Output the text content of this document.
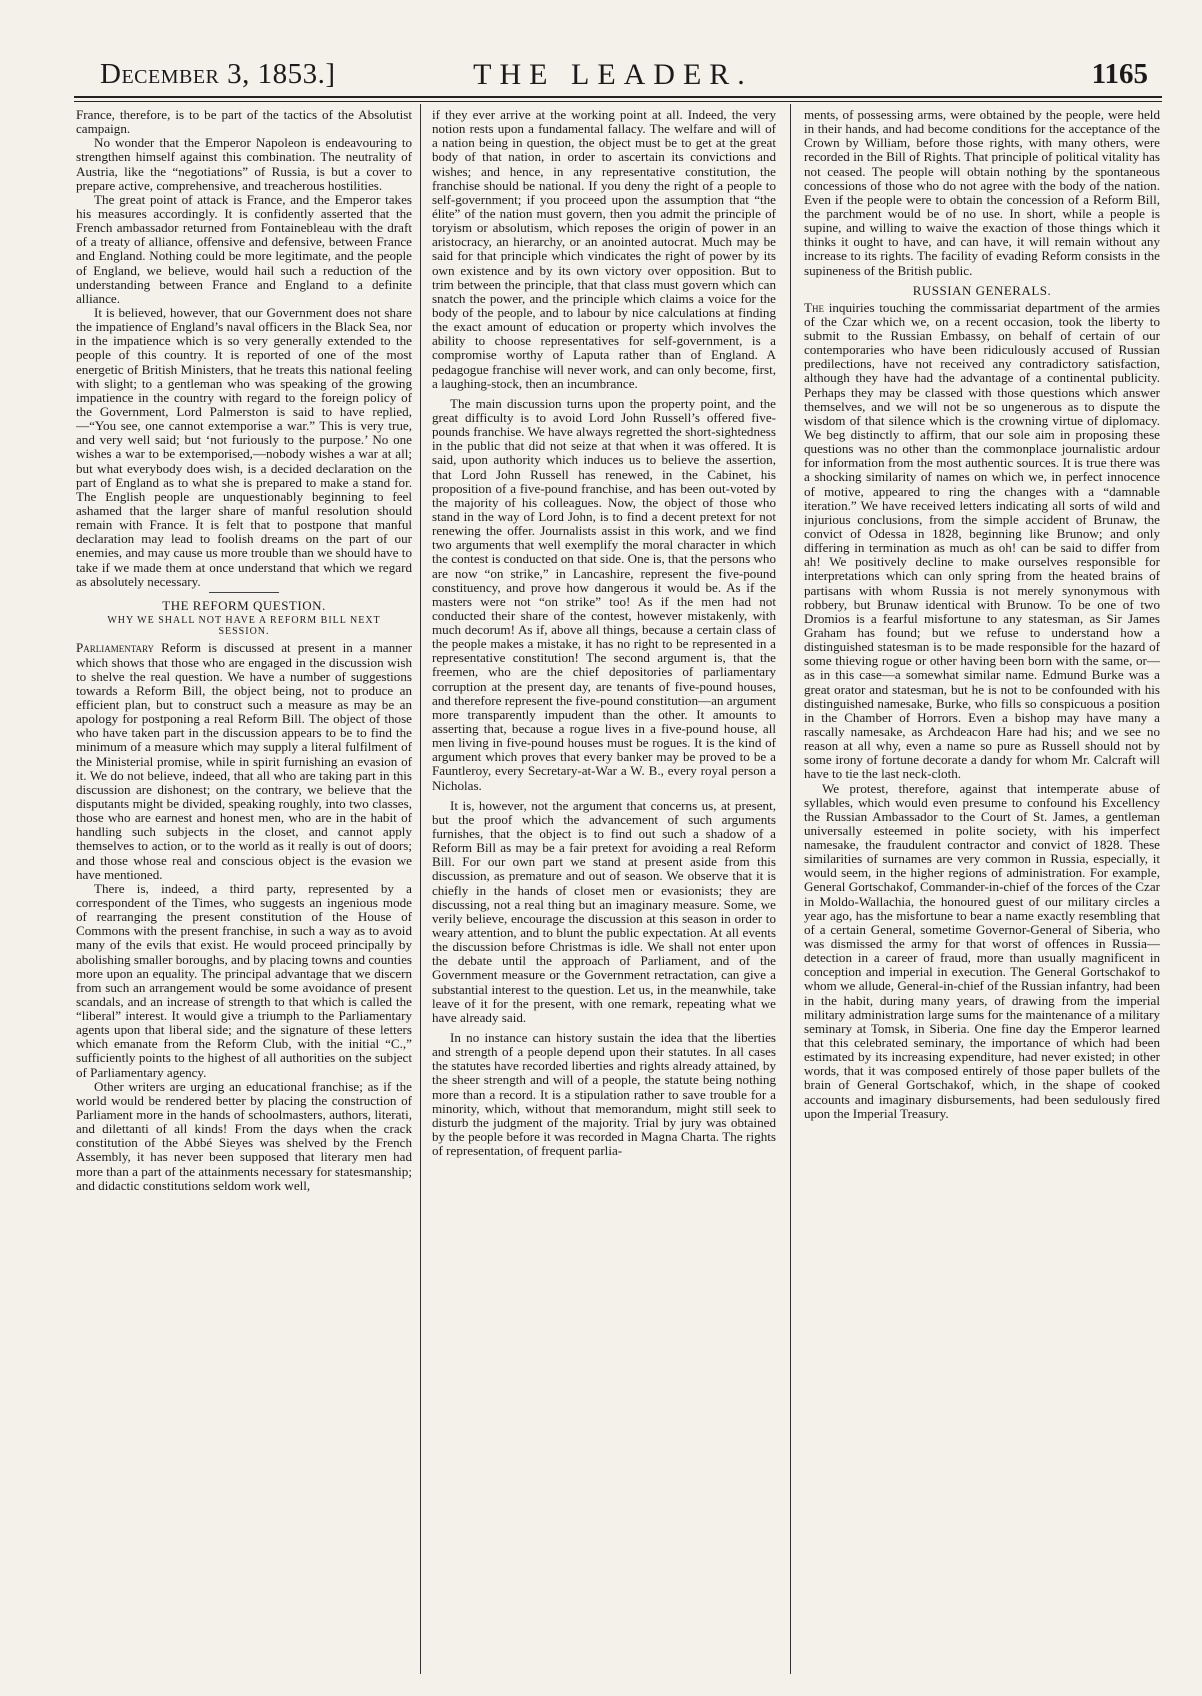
December 3, 1853.]	THE LEADER.	1165

France, therefore, is to be part of the tactics of the Absolutist campaign.

No wonder that the Emperor Napoleon is endeavouring to strengthen himself against this combination. The neutrality of Austria, like the “negotiations” of Russia, is but a cover to prepare active, comprehensive, and treacherous hostilities.

The great point of attack is France, and the Emperor takes his measures accordingly. It is confidently asserted that the French ambassador returned from Fontainebleau with the draft of a treaty of alliance, offensive and defensive, between France and England. Nothing could be more legitimate, and the people of England, we believe, would hail such a reduction of the understanding between France and England to a definite alliance.

It is believed, however, that our Government does not share the impatience of England’s naval officers in the Black Sea, nor in the impatience which is so very generally extended to the people of this country. It is reported of one of the most energetic of British Ministers, that he treats this national feeling with slight; to a gentleman who was speaking of the growing impatience in the country with regard to the foreign policy of the Government, Lord Palmerston is said to have replied,—“You see, one cannot extemporise a war.” This is very true, and very well said; but ‘not furiously to the purpose.’ No one wishes a war to be extemporised,—nobody wishes a war at all; but what everybody does wish, is a decided declaration on the part of England as to what she is prepared to make a stand for. The English people are unquestionably beginning to feel ashamed that the larger share of manful resolution should remain with France. It is felt that to postpone that manful declaration may lead to foolish dreams on the part of our enemies, and may cause us more trouble than we should have to take if we made them at once understand that which we regard as absolutely necessary.

THE REFORM QUESTION.
WHY WE SHALL NOT HAVE A REFORM BILL NEXT SESSION.

Parliamentary Reform is discussed at present in a manner which shows that those who are engaged in the discussion wish to shelve the real question. We have a number of suggestions towards a Reform Bill, the object being, not to produce an efficient plan, but to construct such a measure as may be an apology for postponing a real Reform Bill. The object of those who have taken part in the discussion appears to be to find the minimum of a measure which may supply a literal fulfilment of the Ministerial promise, while in spirit furnishing an evasion of it. We do not believe, indeed, that all who are taking part in this discussion are dishonest; on the contrary, we believe that the disputants might be divided, speaking roughly, into two classes, those who are earnest and honest men, who are in the habit of handling such subjects in the closet, and cannot apply themselves to action, or to the world as it really is out of doors; and those whose real and conscious object is the evasion we have mentioned.

There is, indeed, a third party, represented by a correspondent of the Times, who suggests an ingenious mode of rearranging the present constitution of the House of Commons with the present franchise, in such a way as to avoid many of the evils that exist. He would proceed principally by abolishing smaller boroughs, and by placing towns and counties more upon an equality. The principal advantage that we discern from such an arrangement would be some avoidance of present scandals, and an increase of strength to that which is called the “liberal” interest. It would give a triumph to the Parliamentary agents upon that liberal side; and the signature of these letters which emanate from the Reform Club, with the initial “C.,” sufficiently points to the highest of all authorities on the subject of Parliamentary agency.

Other writers are urging an educational franchise; as if the world would be rendered better by placing the construction of Parliament more in the hands of schoolmasters, authors, literati, and dilettanti of all kinds! From the days when the crack constitution of the Abbé Sieyes was shelved by the French Assembly, it has never been supposed that literary men had more than a part of the attainments necessary for statesmanship; and didactic constitutions seldom work well,

if they ever arrive at the working point at all. Indeed, the very notion rests upon a fundamental fallacy. The welfare and will of a nation being in question, the object must be to get at the great body of that nation, in order to ascertain its convictions and wishes; and hence, in any representative constitution, the franchise should be national. If you deny the right of a people to self-government; if you proceed upon the assumption that “the élite” of the nation must govern, then you admit the principle of toryism or absolutism, which reposes the origin of power in an aristocracy, an hierarchy, or an anointed autocrat. Much may be said for that principle which vindicates the right of power by its own existence and by its own victory over opposition. But to trim between the principle, that that class must govern which can snatch the power, and the principle which claims a voice for the body of the people, and to labour by nice calculations at finding the exact amount of education or property which involves the ability to choose representatives for self-government, is a compromise worthy of Laputa rather than of England. A pedagogue franchise will never work, and can only become, first, a laughing-stock, then an incumbrance.

The main discussion turns upon the property point, and the great difficulty is to avoid Lord John Russell’s offered five-pounds franchise. We have always regretted the short-sightedness in the public that did not seize at that when it was offered. It is said, upon authority which induces us to believe the assertion, that Lord John Russell has renewed, in the Cabinet, his proposition of a five-pound franchise, and has been out-voted by the majority of his colleagues. Now, the object of those who stand in the way of Lord John, is to find a decent pretext for not renewing the offer. Journalists assist in this work, and we find two arguments that well exemplify the moral character in which the contest is conducted on that side. One is, that the persons who are now “on strike,” in Lancashire, represent the five-pound constituency, and prove how dangerous it would be. As if the masters were not “on strike” too! As if the men had not conducted their share of the contest, however mistakenly, with much decorum! As if, above all things, because a certain class of the people makes a mistake, it has no right to be represented in a representative constitution! The second argument is, that the freemen, who are the chief depositories of parliamentary corruption at the present day, are tenants of five-pound houses, and therefore represent the five-pound constitution—an argument more transparently impudent than the other. It amounts to asserting that, because a rogue lives in a five-pound house, all men living in five-pound houses must be rogues. It is the kind of argument which proves that every banker may be proved to be a Fauntleroy, every Secretary-at-War a W. B., every royal person a Nicholas.

It is, however, not the argument that concerns us, at present, but the proof which the advancement of such arguments furnishes, that the object is to find out such a shadow of a Reform Bill as may be a fair pretext for avoiding a real Reform Bill. For our own part we stand at present aside from this discussion, as premature and out of season. We observe that it is chiefly in the hands of closet men or evasionists; they are discussing, not a real thing but an imaginary measure. Some, we verily believe, encourage the discussion at this season in order to weary attention, and to blunt the public expectation. At all events the discussion before Christmas is idle. We shall not enter upon the debate until the approach of Parliament, and of the Government measure or the Government retractation, can give a substantial interest to the question. Let us, in the meanwhile, take leave of it for the present, with one remark, repeating what we have already said.

In no instance can history sustain the idea that the liberties and strength of a people depend upon their statutes. In all cases the statutes have recorded liberties and rights already attained, by the sheer strength and will of a people, the statute being nothing more than a record. It is a stipulation rather to save trouble for a minority, which, without that memorandum, might still seek to disturb the judgment of the majority. Trial by jury was obtained by the people before it was recorded in Magna Charta. The rights of representation, of frequent parlia-

ments, of possessing arms, were obtained by the people, were held in their hands, and had become conditions for the acceptance of the Crown by William, before those rights, with many others, were recorded in the Bill of Rights. That principle of political vitality has not ceased. The people will obtain nothing by the spontaneous concessions of those who do not agree with the body of the nation. Even if the people were to obtain the concession of a Reform Bill, the parchment would be of no use. In short, while a people is supine, and willing to waive the exaction of those things which it thinks it ought to have, and can have, it will remain without any increase to its rights. The facility of evading Reform consists in the supineness of the British public.

RUSSIAN GENERALS.

The inquiries touching the commissariat department of the armies of the Czar which we, on a recent occasion, took the liberty to submit to the Russian Embassy, on behalf of certain of our contemporaries who have been ridiculously accused of Russian predilections, have not received any contradictory satisfaction, although they have had the advantage of a continental publicity. Perhaps they may be classed with those questions which answer themselves, and we will not be so ungenerous as to dispute the wisdom of that silence which is the crowning virtue of diplomacy. We beg distinctly to affirm, that our sole aim in proposing these questions was no other than the commonplace journalistic ardour for information from the most authentic sources. It is true there was a shocking similarity of names on which we, in perfect innocence of motive, appeared to ring the changes with a “damnable iteration.” We have received letters indicating all sorts of wild and injurious conclusions, from the simple accident of Brunaw, the convict of Odessa in 1828, beginning like Brunow; and only differing in termination as much as oh! can be said to differ from ah! We positively decline to make ourselves responsible for interpretations which can only spring from the heated brains of partisans with whom Russia is not merely synonymous with robbery, but Brunaw identical with Brunow. To be one of two Dromios is a fearful misfortune to any statesman, as Sir James Graham has found; but we refuse to understand how a distinguished statesman is to be made responsible for the hazard of some thieving rogue or other having been born with the same, or—as in this case—a somewhat similar name. Edmund Burke was a great orator and statesman, but he is not to be confounded with his distinguished namesake, Burke, who fills so conspicuous a position in the Chamber of Horrors. Even a bishop may have many a rascally namesake, as Archdeacon Hare had his; and we see no reason at all why, even a name so pure as Russell should not by some irony of fortune decorate a dandy for whom Mr. Calcraft will have to tie the last neck-cloth.

We protest, therefore, against that intemperate abuse of syllables, which would even presume to confound his Excellency the Russian Ambassador to the Court of St. James, a gentleman universally esteemed in polite society, with his imperfect namesake, the fraudulent contractor and convict of 1828. These similarities of surnames are very common in Russia, especially, it would seem, in the higher regions of administration. For example, General Gortschakof, Commander-in-chief of the forces of the Czar in Moldo-Wallachia, the honoured guest of our military circles a year ago, has the misfortune to bear a name exactly resembling that of a certain General, sometime Governor-General of Siberia, who was dismissed the army for that worst of offences in Russia—detection in a career of fraud, more than usually magnificent in conception and imperial in execution. The General Gortschakof to whom we allude, General-in-chief of the Russian infantry, had been in the habit, during many years, of drawing from the imperial military administration large sums for the maintenance of a military seminary at Tomsk, in Siberia. One fine day the Emperor learned that this celebrated seminary, the importance of which had been estimated by its increasing expenditure, had never existed; in other words, that it was composed entirely of those paper bullets of the brain of General Gortschakof, which, in the shape of cooked accounts and imaginary disbursements, had been sedulously fired upon the Imperial Treasury.
